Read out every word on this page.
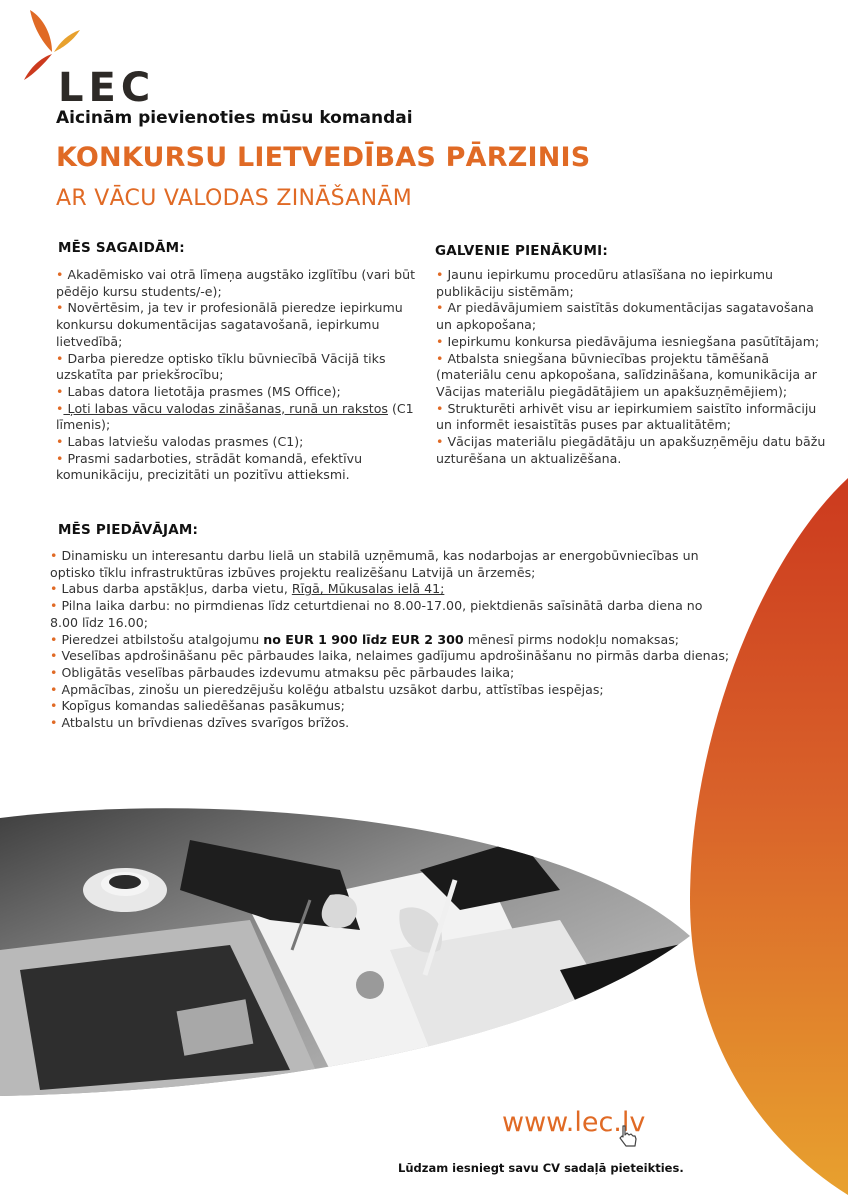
LEC
Aicinām pievienoties mūsu komandai
KONKURSU LIETVEDĪBAS PĀRZINIS
AR VĀCU VALODAS ZINĀŠANĀM
MĒS SAGAIDĀM:
• Akadēmisko vai otrā līmeņa augstāko izglītību (vari būt pēdējo kursu students/-e);
• Novērtēsim, ja tev ir profesionālā pieredze iepirkumu konkursu dokumentācijas sagatavošanā, iepirkumu lietvedībā;
• Darba pieredze optisko tīklu būvniecībā Vācijā tiks uzskatīta par priekšrocību;
• Labas datora lietotāja prasmes (MS Office);
• Ļoti labas vācu valodas zināšanas, runā un rakstos (C1 līmenis);
• Labas latviešu valodas prasmes (C1);
• Prasmi sadarboties, strādāt komandā, efektīvu komunikāciju, precizitāti un pozitīvu attieksmi.
GALVENIE PIENĀKUMI:
• Jaunu iepirkumu procedūru atlasīšana no iepirkumu publikāciju sistēmām;
• Ar piedāvājumiem saistītās dokumentācijas sagatavošana un apkopošana;
• Iepirkumu konkursa piedāvājuma iesniegšana pasūtītājam;
• Atbalsta sniegšana būvniecības projektu tāmēšanā (materiālu cenu apkopošana, salīdzināšana, komunikācija ar Vācijas materiālu piegādātājiem un apakšuzņēmējiem);
• Strukturēti arhivēt visu ar iepirkumiem saistīto informāciju un informēt iesaistītās puses par aktualitātēm;
• Vācijas materiālu piegādātāju un apakšuzņēmēju datu bāžu uzturēšana un aktualizēšana.
MĒS PIEDĀVĀJAM:
• Dinamisku un interesantu darbu lielā un stabilā uzņēmumā, kas nodarbojas ar energobūvniecības un optisko tīklu infrastruktūras izbūves projektu realizēšanu Latvijā un ārzemēs;
• Labus darba apstākļus, darba vietu, Rīgā, Mūkusalas ielā 41;
• Pilna laika darbu: no pirmdienas līdz ceturtdienai no 8.00-17.00, piektdienās saīsinātā darba diena no 8.00 līdz 16.00;
• Pieredzei atbilstošu atalgojumu no EUR 1 900 līdz EUR 2 300 mēnesī pirms nodokļu nomaksas;
• Veselības apdrošināšanu pēc pārbaudes laika, nelaimes gadījumu apdrošināšanu no pirmās darba dienas;
• Obligātās veselības pārbaudes izdevumu atmaksu pēc pārbaudes laika;
• Apmācības, zinošu un pieredzējušu kolēģu atbalstu uzsākot darbu, attīstības iespējas;
• Kopīgus komandas saliedēšanas pasākumus;
• Atbalstu un brīvdienas dzīves svarīgos brīžos.
www.lec.lv
Lūdzam iesniegt savu CV sadaļā pieteikties.
